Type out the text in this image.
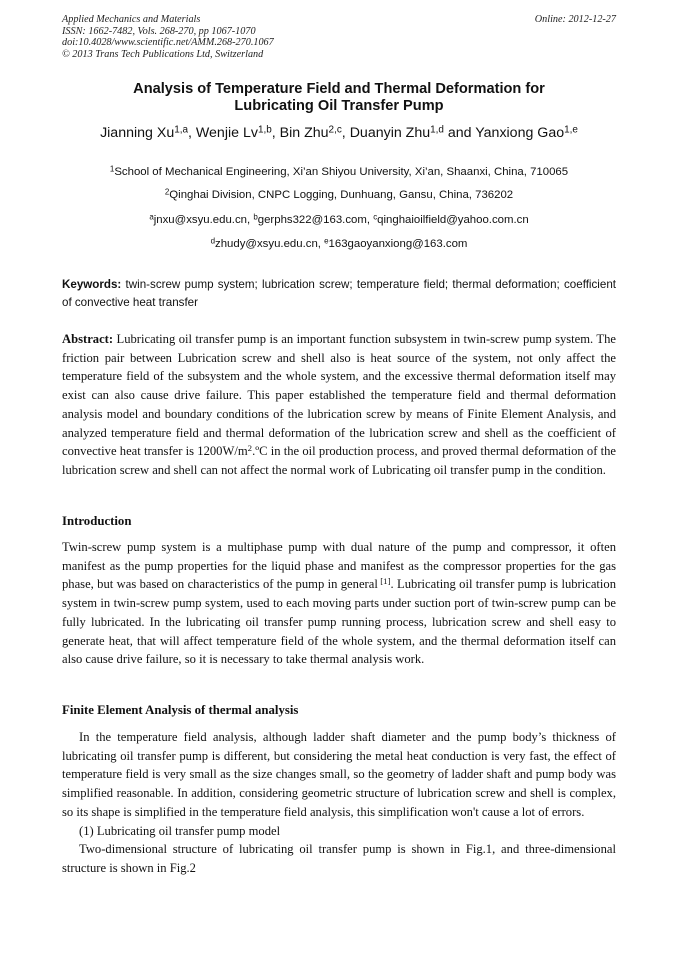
Applied Mechanics and Materials
ISSN: 1662-7482, Vols. 268-270, pp 1067-1070
doi:10.4028/www.scientific.net/AMM.268-270.1067
© 2013 Trans Tech Publications Ltd, Switzerland
Online: 2012-12-27
Analysis of Temperature Field and Thermal Deformation for
Lubricating Oil Transfer Pump
Jianning Xu$^{1,a}$, Wenjie Lv$^{1,b}$, Bin Zhu$^{2,c}$, Duanyin Zhu$^{1,d}$ and Yanxiong Gao$^{1,e}$
$^1$School of Mechanical Engineering, Xi’an Shiyou University, Xi’an, Shaanxi, China, 710065
$^2$Qinghai Division, CNPC Logging, Dunhuang, Gansu, China, 736202
$^a$jnxu@xsyu.edu.cn, $^b$gerphs322@163.com, $^c$qinghaioilfield@yahoo.com.cn
$^d$zhudy@xsyu.edu.cn, $^e$163gaoyanxiong@163.com
Keywords: twin-screw pump system; lubrication screw; temperature field; thermal deformation; coefficient of convective heat transfer
Abstract: Lubricating oil transfer pump is an important function subsystem in twin-screw pump system. The friction pair between Lubrication screw and shell also is heat source of the system, not only affect the temperature field of the subsystem and the whole system, and the excessive thermal deformation itself may exist can also cause drive failure. This paper established the temperature field and thermal deformation analysis model and boundary conditions of the lubrication screw by means of Finite Element Analysis, and analyzed temperature field and thermal deformation of the lubrication screw and shell as the coefficient of convective heat transfer is $1200W/m^2.ºC$ in the oil production process, and proved thermal deformation of the lubrication screw and shell can not affect the normal work of Lubricating oil transfer pump in the condition.
Introduction
Twin-screw pump system is a multiphase pump with dual nature of the pump and compressor, it often manifest as the pump properties for the liquid phase and manifest as the compressor properties for the gas phase, but was based on characteristics of the pump in general [1]. Lubricating oil transfer pump is lubrication system in twin-screw pump system, used to each moving parts under suction port of twin-screw pump can be fully lubricated. In the lubricating oil transfer pump running process, lubrication screw and shell easy to generate heat, that will affect temperature field of the whole system, and the thermal deformation itself can also cause drive failure, so it is necessary to take thermal analysis work.
Finite Element Analysis of thermal analysis

In the temperature field analysis, although ladder shaft diameter and the pump body’s thickness of lubricating oil transfer pump is different, but considering the metal heat conduction is very fast, the effect of temperature field is very small as the size changes small, so the geometry of ladder shaft and pump body was simplified reasonable. In addition, considering geometric structure of lubrication screw and shell is complex, so its shape is simplified in the temperature field analysis, this simplification won't cause a lot of errors.

(1) Lubricating oil transfer pump model

Two-dimensional structure of lubricating oil transfer pump is shown in Fig.1, and three-dimensional structure is shown in Fig.2
